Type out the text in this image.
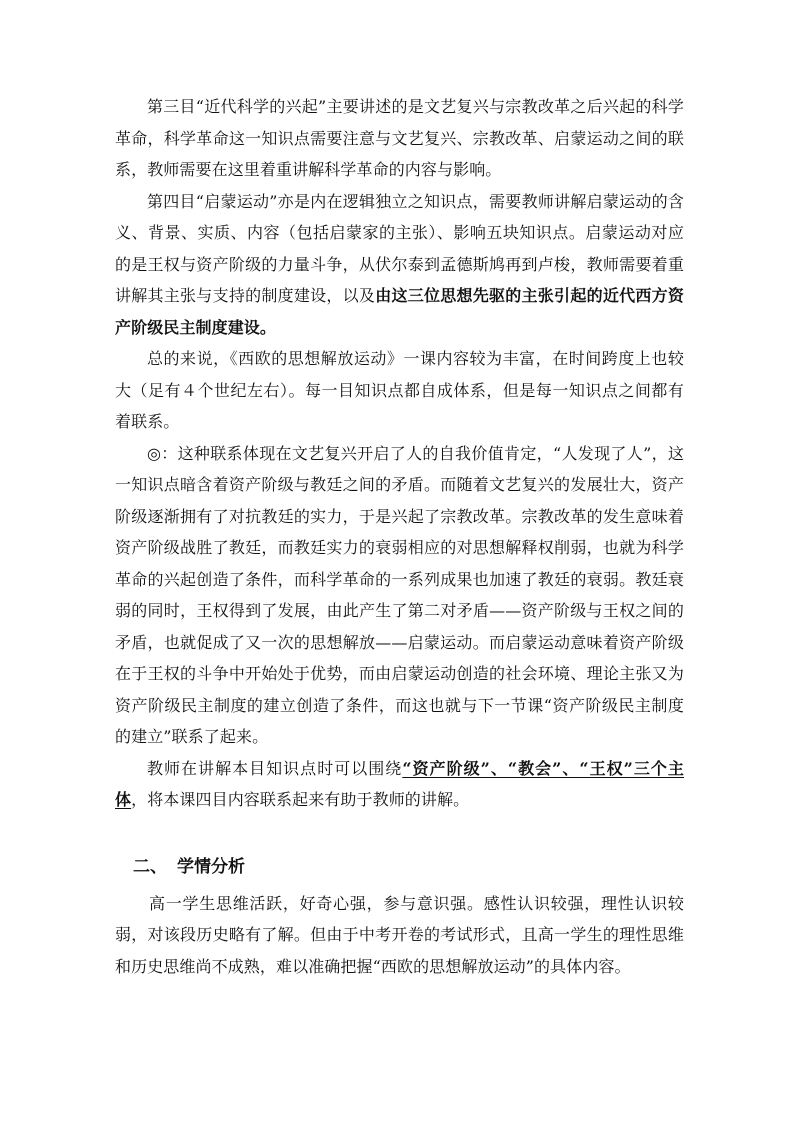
第三目“近代科学的兴起”主要讲述的是文艺复兴与宗教改革之后兴起的科学革命，科学革命这一知识点需要注意与文艺复兴、宗教改革、启蒙运动之间的联系，教师需要在这里着重讲解科学革命的内容与影响。

第四目“启蒙运动”亦是内在逻辑独立之知识点，需要教师讲解启蒙运动的含义、背景、实质、内容（包括启蒙家的主张）、影响五块知识点。启蒙运动对应的是王权与资产阶级的力量斗争，从伏尔泰到孟德斯鸠再到卢梭，教师需要着重讲解其主张与支持的制度建设，以及由这三位思想先驱的主张引起的近代西方资产阶级民主制度建设。

总的来说，《西欧的思想解放运动》一课内容较为丰富，在时间跨度上也较大（足有４个世纪左右）。每一目知识点都自成体系，但是每一知识点之间都有着联系。

◎：这种联系体现在文艺复兴开启了人的自我价值肯定，“人发现了人”，这一知识点暗含着资产阶级与教廷之间的矛盾。而随着文艺复兴的发展壮大，资产阶级逐渐拥有了对抗教廷的实力，于是兴起了宗教改革。宗教改革的发生意味着资产阶级战胜了教廷，而教廷实力的衰弱相应的对思想解释权削弱，也就为科学革命的兴起创造了条件，而科学革命的一系列成果也加速了教廷的衰弱。教廷衰弱的同时，王权得到了发展，由此产生了第二对矛盾——资产阶级与王权之间的矛盾，也就促成了又一次的思想解放——启蒙运动。而启蒙运动意味着资产阶级在于王权的斗争中开始处于优势，而由启蒙运动创造的社会环境、理论主张又为资产阶级民主制度的建立创造了条件，而这也就与下一节课“资产阶级民主制度的建立”联系了起来。

教师在讲解本目知识点时可以围绕“资产阶级”、“教会”、“王权”三个主体，将本课四目内容联系起来有助于教师的讲解。

二、 学情分析

高一学生思维活跃，好奇心强，参与意识强。感性认识较强，理性认识较弱，对该段历史略有了解。但由于中考开卷的考试形式，且高一学生的理性思维和历史思维尚不成熟，难以准确把握“西欧的思想解放运动”的具体内容。
